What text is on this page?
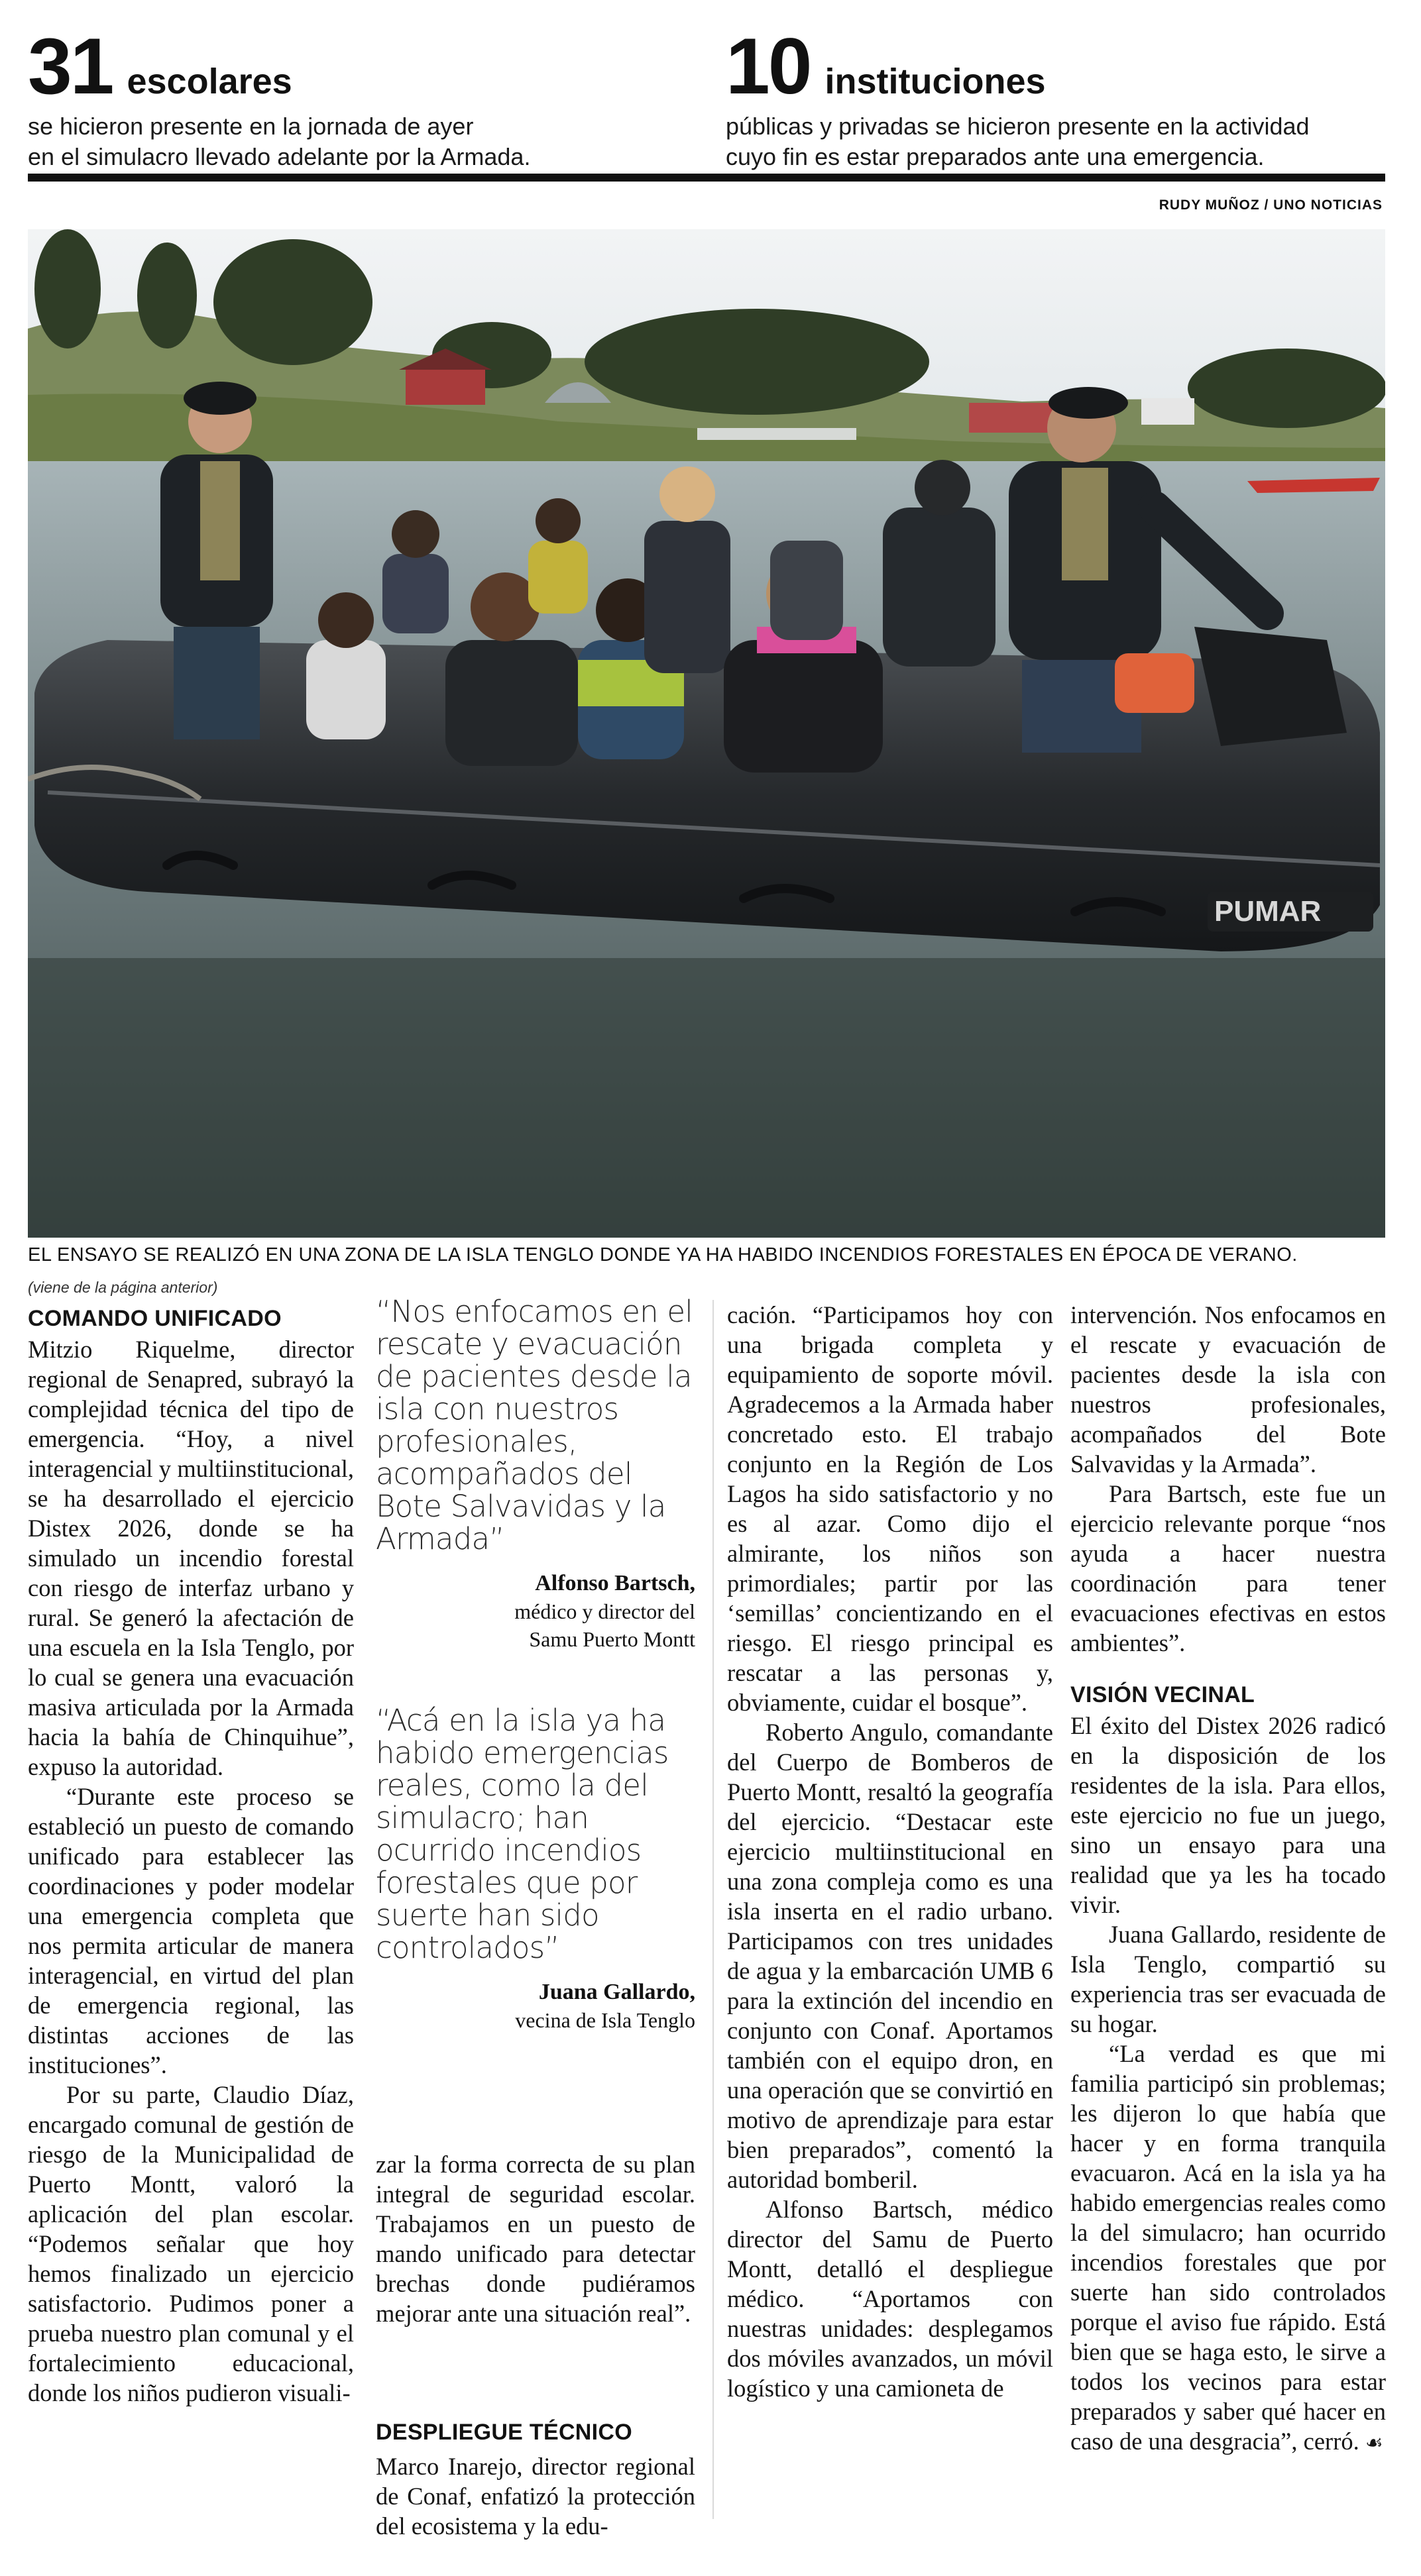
31 escolares
se hicieron presente en la jornada de ayer
en el simulacro llevado adelante por la Armada.
10 instituciones
públicas y privadas se hicieron presente en la actividad
cuyo fin es estar preparados ante una emergencia.
RUDY MUÑOZ / UNO NOTICIAS
PUMAR
EL ENSAYO SE REALIZÓ EN UNA ZONA DE LA ISLA TENGLO DONDE YA HA HABIDO INCENDIOS FORESTALES EN ÉPOCA DE VERANO.
(viene de la página anterior)
COMANDO UNIFICADO

Mitzio Riquelme, director regional de Senapred, subrayó la complejidad técnica del tipo de emergencia. “Hoy, a nivel interagencial y multiinstitucional, se ha desarrollado el ejercicio Distex 2026, donde se ha simulado un incendio forestal con riesgo de interfaz urbano y rural. Se generó la afectación de una escuela en la Isla Tenglo, por lo cual se genera una evacuación masiva articulada por la Armada hacia la bahía de Chinquihue”, expuso la autoridad.

“Durante este proceso se estableció un puesto de comando unificado para establecer las coordinaciones y poder modelar una emergencia completa que nos permita articular de manera interagencial, en virtud del plan de emergencia regional, las distintas acciones de las instituciones”.

Por su parte, Claudio Díaz, encargado comunal de gestión de riesgo de la Municipalidad de Puerto Montt, valoró la aplicación del plan escolar. “Podemos señalar que hoy hemos finalizado un ejercicio satisfactorio. Pudimos poner a prueba nuestro plan comunal y el fortalecimiento educacional, donde los niños pudieron visuali-

“Nos enfocamos en el rescate y evacuación de pacientes desde la isla con nuestros profesionales, acompañados del Bote Salvavidas y la Armada”
Alfonso Bartsch,
médico y director del
Samu Puerto Montt
“Acá en la isla ya ha habido emergencias reales, como la del simulacro; han ocurrido incendios forestales que por suerte han sido controlados”
Juana Gallardo,
vecina de Isla Tenglo

zar la forma correcta de su plan integral de seguridad escolar. Trabajamos en un puesto de mando unificado para detectar brechas donde pudiéramos mejorar ante una situación real”.

DESPLIEGUE TÉCNICO

Marco Inarejo, director regional de Conaf, enfatizó la protección del ecosistema y la edu-

cación. “Participamos hoy con una brigada completa y equipamiento de soporte móvil. Agradecemos a la Armada haber concretado esto. El trabajo conjunto en la Región de Los Lagos ha sido satisfactorio y no es al azar. Como dijo el almirante, los niños son primordiales; partir por las ‘semillas’ concientizando en el riesgo. El riesgo principal es rescatar a las personas y, obviamente, cuidar el bosque”.

Roberto Angulo, comandante del Cuerpo de Bomberos de Puerto Montt, resaltó la geografía del ejercicio. “Destacar este ejercicio multiinstitucional en una zona compleja como es una isla inserta en el radio urbano. Participamos con tres unidades de agua y la embarcación UMB 6 para la extinción del incendio en conjunto con Conaf. Aportamos también con el equipo dron, en una operación que se convirtió en motivo de aprendizaje para estar bien preparados”, comentó la autoridad bomberil.

Alfonso Bartsch, médico director del Samu de Puerto Montt, detalló el despliegue médico. “Aportamos con nuestras unidades: desplegamos dos móviles avanzados, un móvil logístico y una camioneta de

intervención. Nos enfocamos en el rescate y evacuación de pacientes desde la isla con nuestros profesionales, acompañados del Bote Salvavidas y la Armada”.

Para Bartsch, este fue un ejercicio relevante porque “nos ayuda a hacer nuestra coordinación para tener evacuaciones efectivas en estos ambientes”.

VISIÓN VECINAL

El éxito del Distex 2026 radicó en la disposición de los residentes de la isla. Para ellos, este ejercicio no fue un juego, sino un ensayo para una realidad que ya les ha tocado vivir.

Juana Gallardo, residente de Isla Tenglo, compartió su experiencia tras ser evacuada de su hogar.

“La verdad es que mi familia participó sin problemas; les dijeron lo que había que hacer y en forma tranquila evacuaron. Acá en la isla ya ha habido emergencias reales como la del simulacro; han ocurrido incendios forestales que por suerte han sido controlados porque el aviso fue rápido. Está bien que se haga esto, le sirve a todos los vecinos para estar preparados y saber qué hacer en caso de una desgracia”, cerró. ☙
